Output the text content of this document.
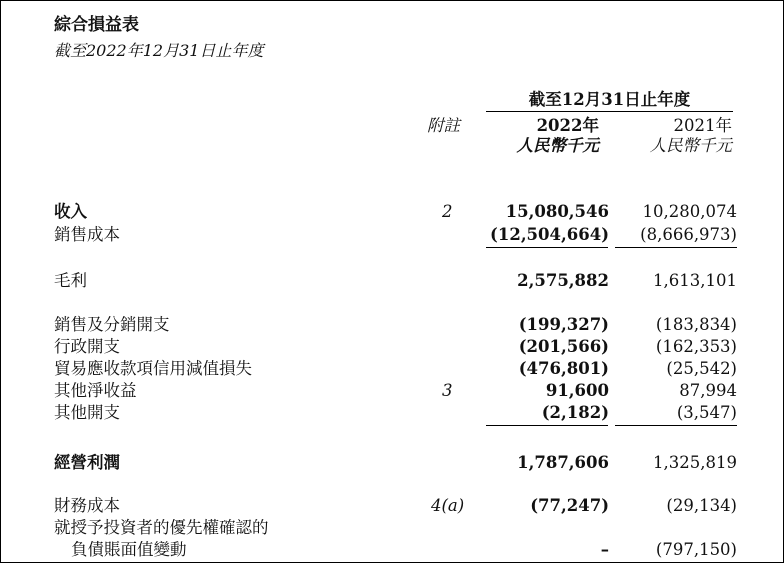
綜合損益表
截至2022年12月31日止年度
截至12月31日止年度
附註	2022年	2021年
人民幣千元	人民幣千元
收入	2	15,080,546 10,280,074
銷售成本	(12,504,664) (8,666,973)
毛利	2,575,882	1,613,101
銷售及分銷開支	(199,327)	(183,834)
行政開支	(201,566)	(162,353)
貿易應收款項信用減值損失	(476,801)	(25,542)
其他淨收益	3	91,600	87,994
其他開支	(2,182)	(3,547)
經營利潤	1,787,606	1,325,819
財務成本	4(a)	(77,247)	(29,134)
就授予投資者的優先權確認的
負債賬面值變動	–	(797,150)
